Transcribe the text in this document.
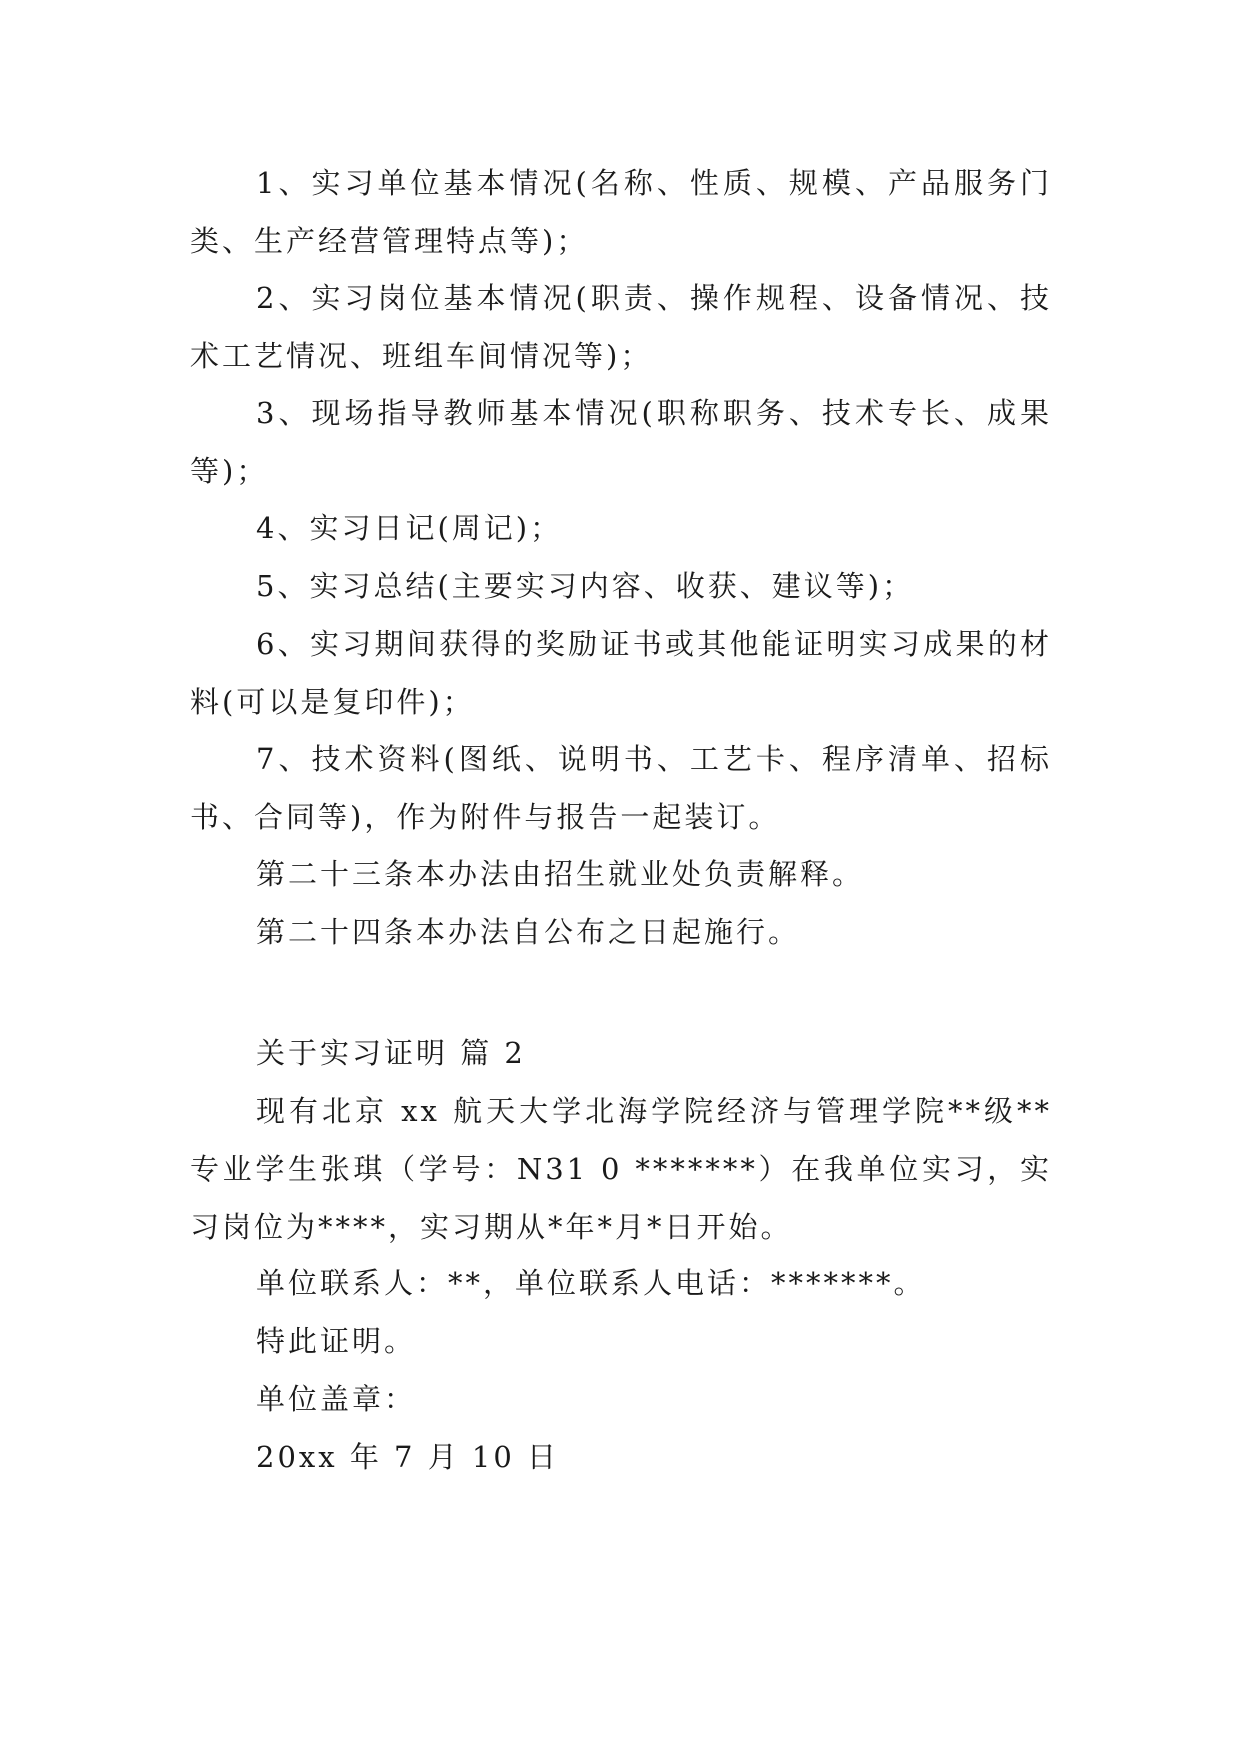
1、实习单位基本情况(名称、性质、规模、产品服务门类、生产经营管理特点等)；

2、实习岗位基本情况(职责、操作规程、设备情况、技术工艺情况、班组车间情况等)；

3、现场指导教师基本情况(职称职务、技术专长、成果等)；

4、实习日记(周记)；

5、实习总结(主要实习内容、收获、建议等)；

6、实习期间获得的奖励证书或其他能证明实习成果的材料(可以是复印件)；

7、技术资料(图纸、说明书、工艺卡、程序清单、招标书、合同等)，作为附件与报告一起装订。

第二十三条本办法由招生就业处负责解释。

第二十四条本办法自公布之日起施行。

关于实习证明 篇 2

现有北京 xx 航天大学北海学院经济与管理学院**级**专业学生张琪（学号：N31 0 *******）在我单位实习，实习岗位为****，实习期从*年*月*日开始。

单位联系人：**，单位联系人电话：*******。

特此证明。

单位盖章：

20xx 年 7 月 10 日
